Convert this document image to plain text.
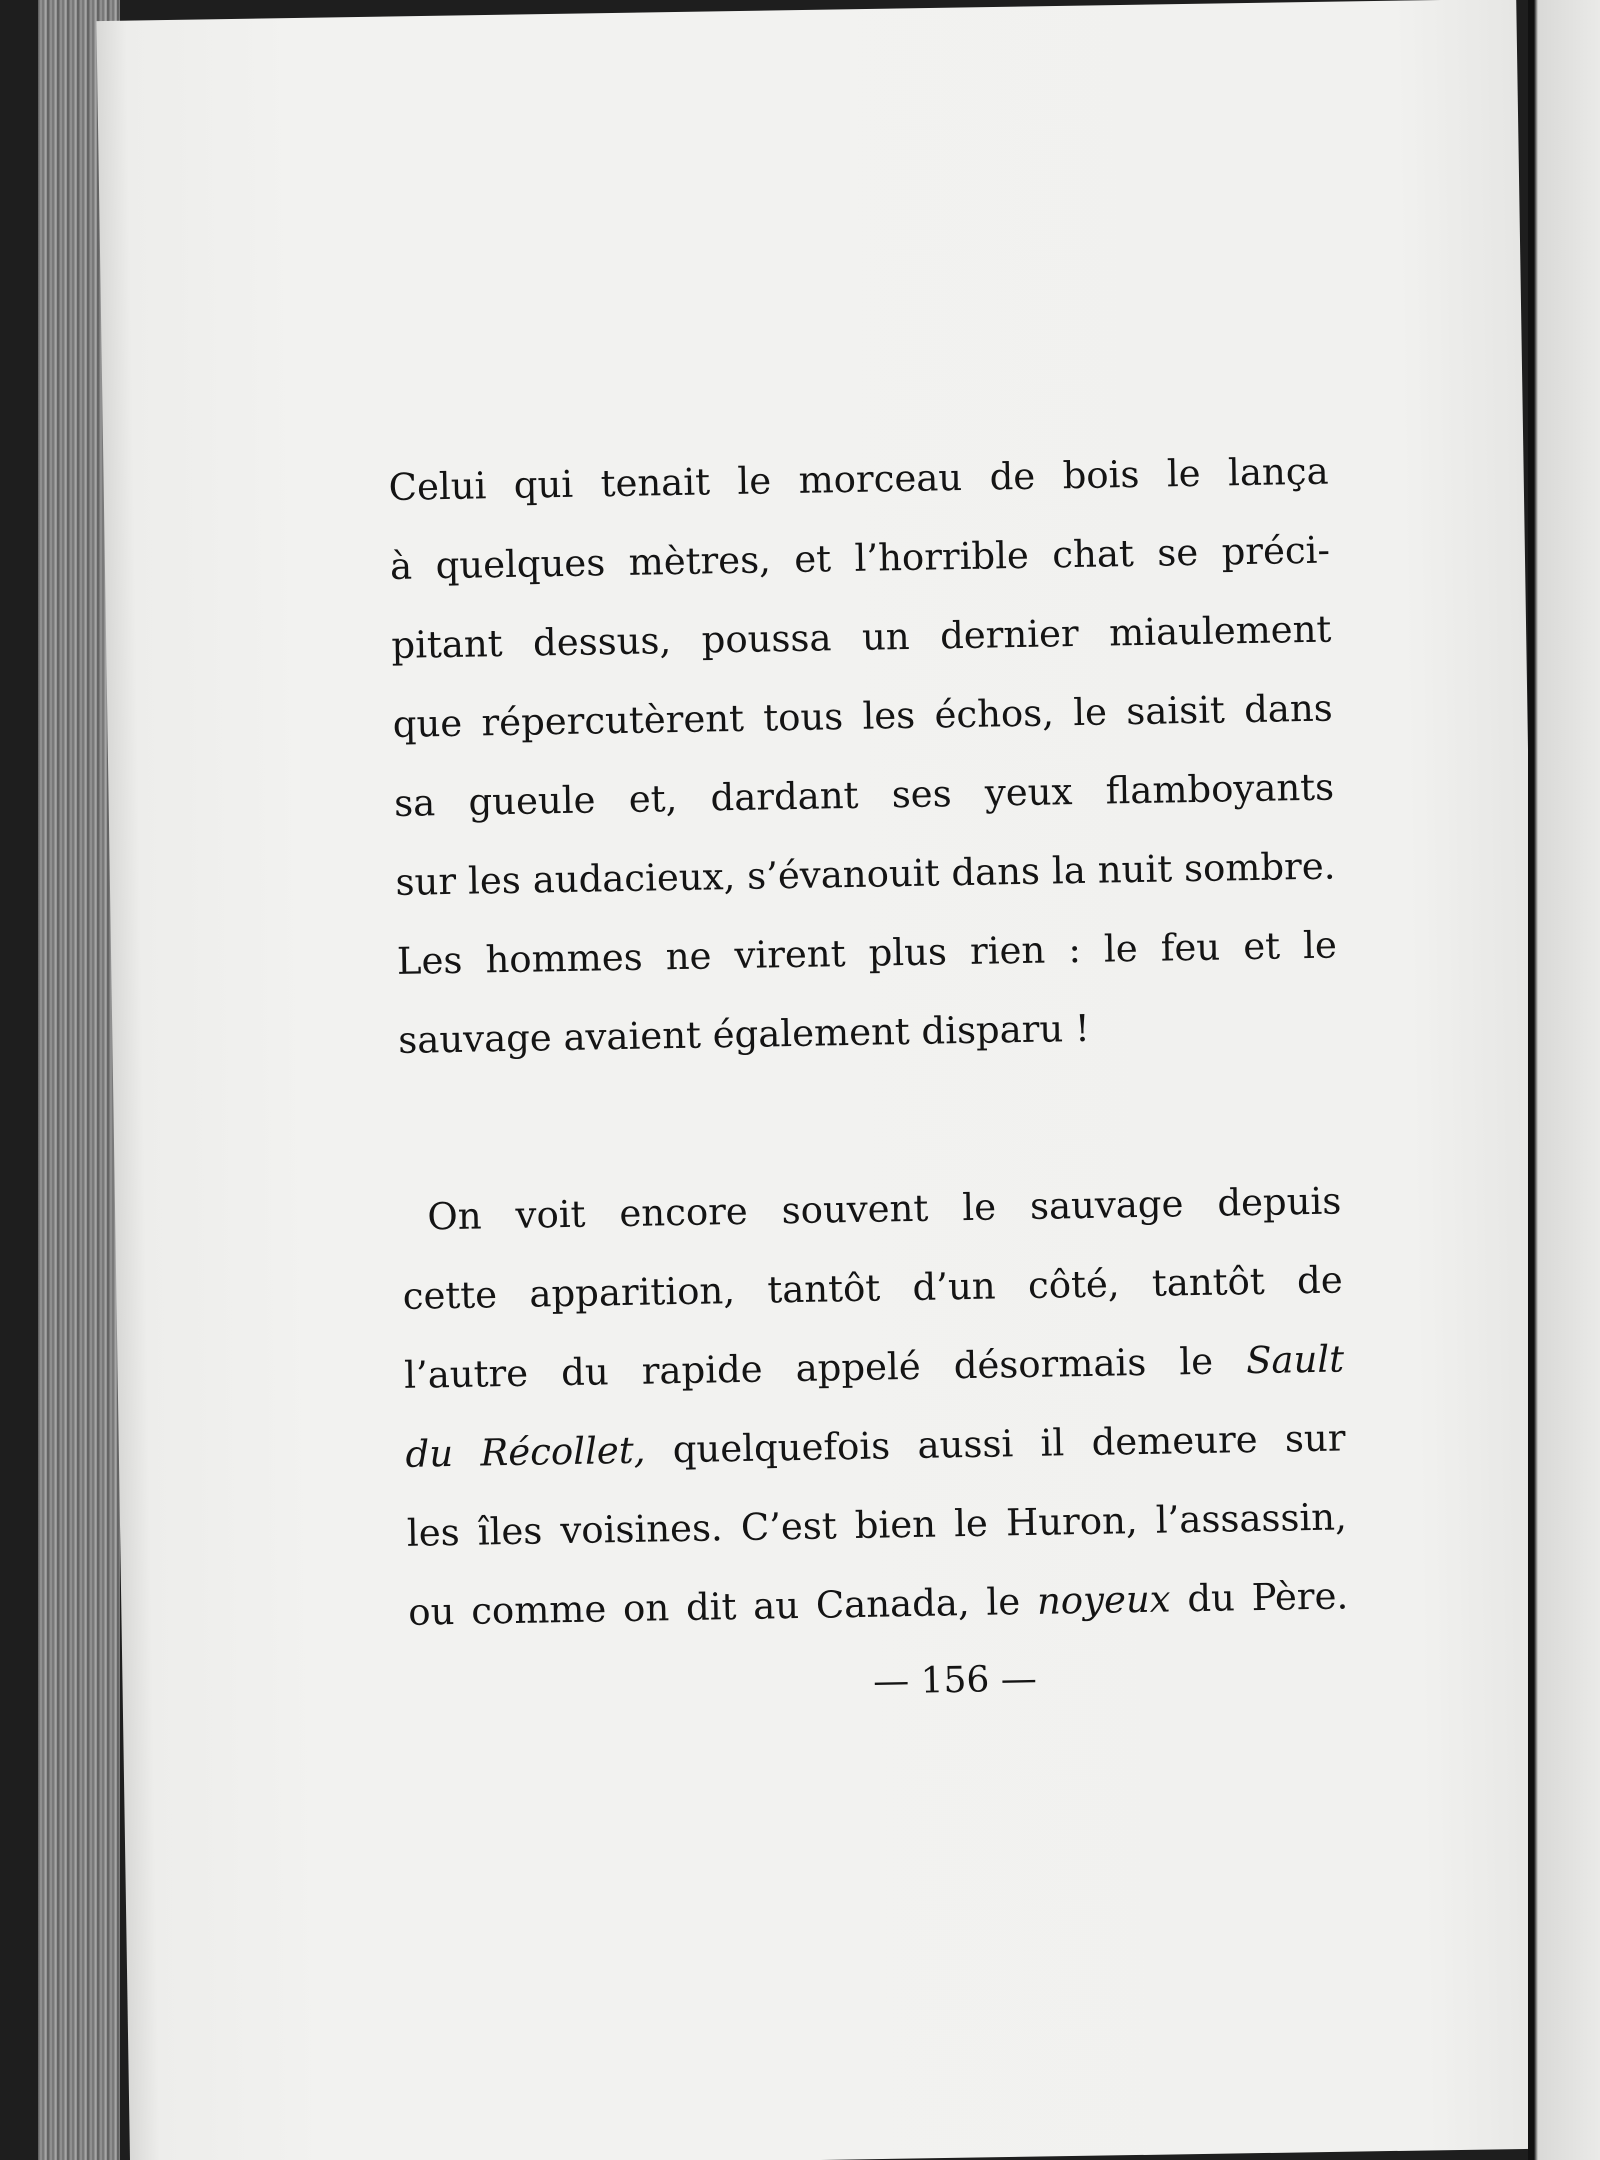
Celui qui tenait le morceau de bois le lança
à quelques mètres, et l’horrible chat se préci-
pitant dessus, poussa un dernier miaulement
que répercutèrent tous les échos, le saisit dans
sa gueule et, dardant ses yeux flamboyants
sur les audacieux, s’évanouit dans la nuit sombre.
Les hommes ne virent plus rien : le feu et le
sauvage avaient également disparu !
On voit encore souvent le sauvage depuis
cette apparition, tantôt d’un côté, tantôt de
l’autre du rapide appelé désormais le Sault
du Récollet, quelquefois aussi il demeure sur
les îles voisines. C’est bien le Huron, l’assassin,
ou comme on dit au Canada, le noyeux du Père.
— 156 —
